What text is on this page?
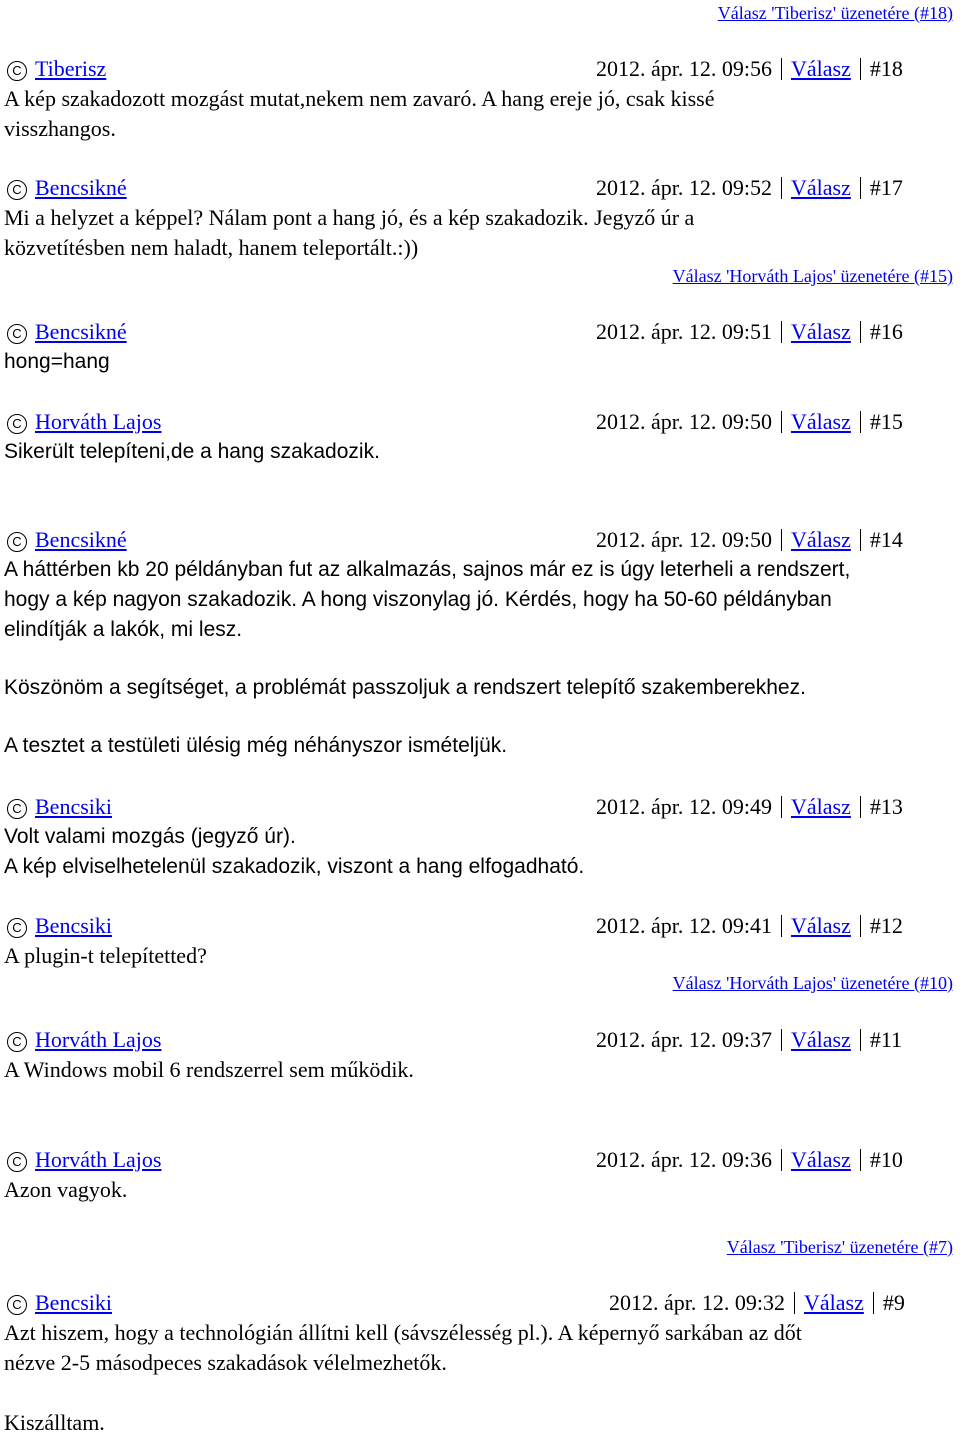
Válasz 'Tiberisz' üzenetére (#18)
C Tiberisz	2012. ápr. 12. 09:56 Válasz #18
A kép szakadozott mozgást mutat,nekem nem zavaró. A hang ereje jó, csak kissé
visszhangos.
C Bencsikné	2012. ápr. 12. 09:52 Válasz #17
Mi a helyzet a képpel? Nálam pont a hang jó, és a kép szakadozik. Jegyző úr a
közvetítésben nem haladt, hanem teleportált.:))
Válasz 'Horváth Lajos' üzenetére (#15)
C Bencsikné	2012. ápr. 12. 09:51 Válasz #16
hong=hang
C Horváth Lajos	2012. ápr. 12. 09:50 Válasz #15
Sikerült telepíteni,de a hang szakadozik.
C Bencsikné	2012. ápr. 12. 09:50 Válasz #14
A háttérben kb 20 példányban fut az alkalmazás, sajnos már ez is úgy leterheli a rendszert,
hogy a kép nagyon szakadozik. A hong viszonylag jó. Kérdés, hogy ha 50-60 példányban
elindítják a lakók, mi lesz.
Köszönöm a segítséget, a problémát passzoljuk a rendszert telepítő szakemberekhez.
A tesztet a testületi ülésig még néhányszor ismételjük.
C Bencsiki	2012. ápr. 12. 09:49 Válasz #13
Volt valami mozgás (jegyző úr).
A kép elviselhetelenül szakadozik, viszont a hang elfogadható.
C Bencsiki	2012. ápr. 12. 09:41 Válasz #12
A plugin-t telepítetted?
Válasz 'Horváth Lajos' üzenetére (#10)
C Horváth Lajos	2012. ápr. 12. 09:37 Válasz #11
A Windows mobil 6 rendszerrel sem működik.
C Horváth Lajos	2012. ápr. 12. 09:36 Válasz #10
Azon vagyok.
Válasz 'Tiberisz' üzenetére (#7)
C Bencsiki	2012. ápr. 12. 09:32 Válasz #9
Azt hiszem, hogy a technológián állítni kell (sávszélesség pl.). A képernyő sarkában az dőt
nézve 2-5 másodpeces szakadások vélelmezhetők.
Kiszálltam.
